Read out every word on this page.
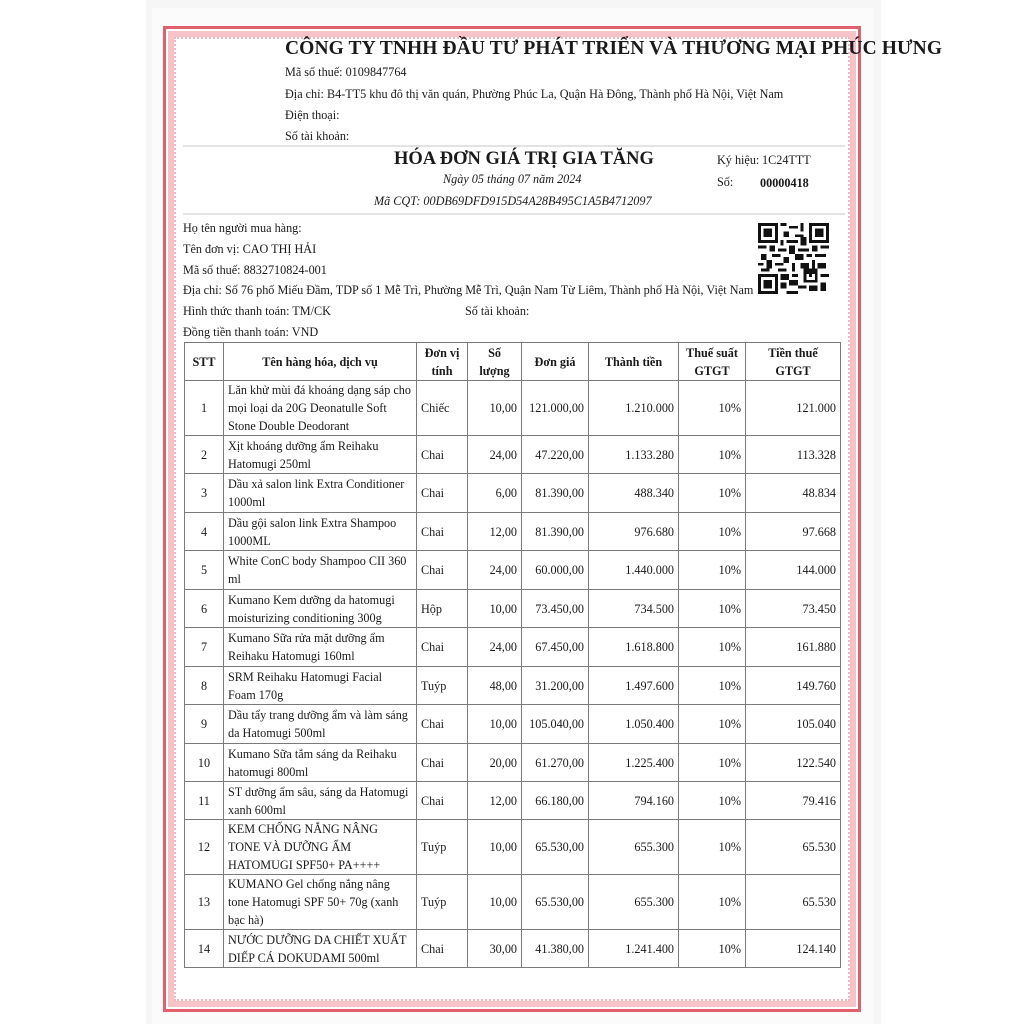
CÔNG TY TNHH ĐẦU TƯ PHÁT TRIỂN VÀ THƯƠNG MẠI PHÚC HƯNG
Mã số thuế: 0109847764
Địa chỉ: B4-TT5 khu đô thị văn quán, Phường Phúc La, Quận Hà Đông, Thành phố Hà Nội, Việt Nam
Điện thoại:
Số tài khoản:
HÓA ĐƠN GIÁ TRỊ GIA TĂNG
Ngày 05 tháng 07 năm 2024
Mã CQT: 00DB69DFD915D54A28B495C1A5B4712097
Ký hiệu: 1C24TTT
Số: 00000418
Họ tên người mua hàng:
Tên đơn vị: CAO THỊ HẢI
Mã số thuế: 8832710824-001
Địa chỉ: Số 76 phố Miếu Đầm, TDP số 1 Mễ Trì, Phường Mễ Trì, Quận Nam Từ Liêm, Thành phố Hà Nội, Việt Nam
Hình thức thanh toán: TM/CK	Số tài khoản:
Đồng tiền thanh toán: VND
STT	Tên hàng hóa, dịch vụ	Đơn vị tính	Số lượng	Đơn giá	Thành tiền	Thuế suất GTGT	Tiền thuế GTGT
1	Lăn khử mùi đá khoáng dạng sáp cho mọi loại da 20G Deonatulle Soft Stone Double Deodorant	Chiếc	10,00	121.000,00	1.210.000	10%	121.000
2	Xịt khoáng dưỡng ẩm Reihaku Hatomugi 250ml	Chai	24,00	47.220,00	1.133.280	10%	113.328
3	Dầu xả salon link Extra Conditioner 1000ml	Chai	6,00	81.390,00	488.340	10%	48.834
4	Dầu gội salon link Extra Shampoo 1000ML	Chai	12,00	81.390,00	976.680	10%	97.668
5	White ConC body Shampoo CII 360 ml	Chai	24,00	60.000,00	1.440.000	10%	144.000
6	Kumano Kem dưỡng da hatomugi moisturizing conditioning 300g	Hộp	10,00	73.450,00	734.500	10%	73.450
7	Kumano Sữa rửa mặt dưỡng ẩm Reihaku Hatomugi 160ml	Chai	24,00	67.450,00	1.618.800	10%	161.880
8	SRM Reihaku Hatomugi Facial Foam 170g	Tuýp	48,00	31.200,00	1.497.600	10%	149.760
9	Dầu tẩy trang dưỡng ẩm và làm sáng da Hatomugi 500ml	Chai	10,00	105.040,00	1.050.400	10%	105.040
10	Kumano Sữa tắm sáng da Reihaku hatomugi 800ml	Chai	20,00	61.270,00	1.225.400	10%	122.540
11	ST dưỡng ẩm sâu, sáng da Hatomugi xanh 600ml	Chai	12,00	66.180,00	794.160	10%	79.416
12	KEM CHỐNG NẮNG NÂNG TONE VÀ DƯỠNG ẨM HATOMUGI SPF50+ PA++++	Tuýp	10,00	65.530,00	655.300	10%	65.530
13	KUMANO Gel chống nắng nâng tone Hatomugi SPF 50+ 70g (xanh bạc hà)	Tuýp	10,00	65.530,00	655.300	10%	65.530
14	NƯỚC DƯỠNG DA CHIẾT XUẤT DIẾP CÁ DOKUDAMI 500ml	Chai	30,00	41.380,00	1.241.400	10%	124.140
